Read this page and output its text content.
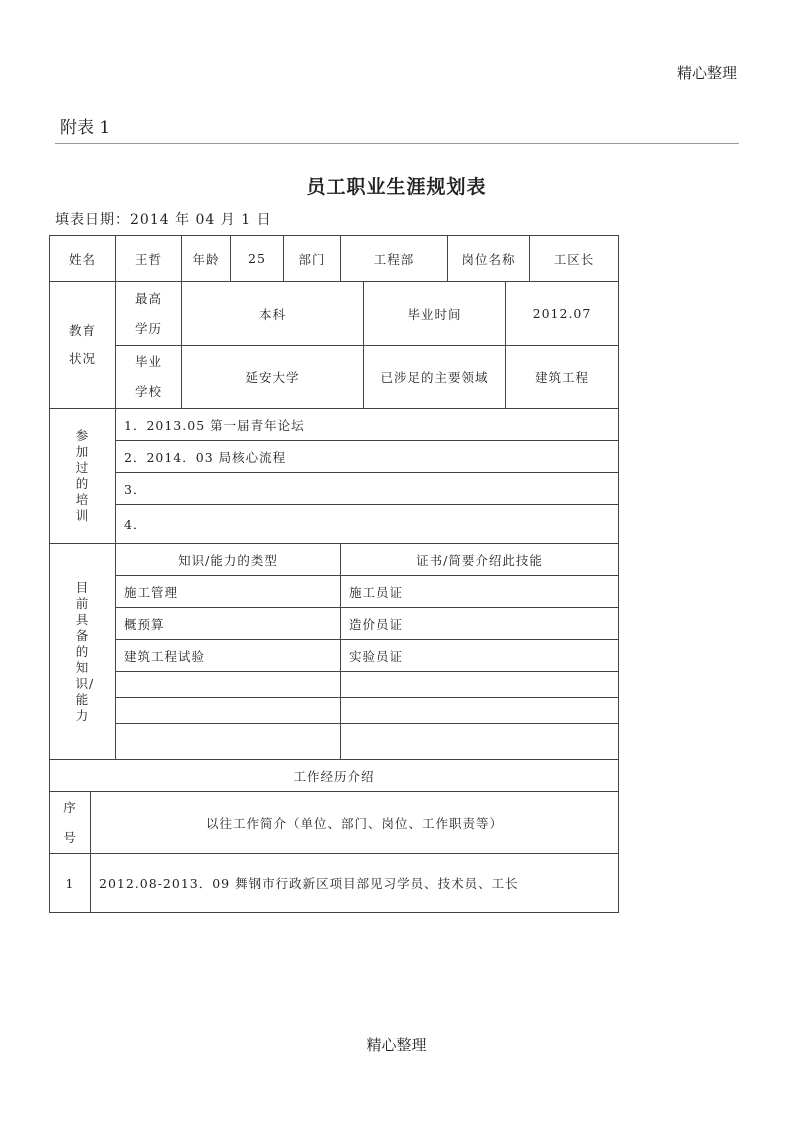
精心整理
附表 1
员工职业生涯规划表
填表日期：2014 年 04 月 1 日
姓名	王哲	年龄	25	部门	工程部	岗位名称	工区长
教育状况	最高学历	本科	毕业时间	2012.07
	毕业学校	延安大学	已涉足的主要领域	建筑工程
参加过的培训	1．2013.05 第一届青年论坛
2．2014．03 局核心流程
3．
4．
目前具备的知识/能力	知识/能力的类型	证书/简要介绍此技能
	施工管理	施工员证
	概预算	造价员证
	建筑工程试验	实验员证

工作经历介绍	
序号	以往工作简介（单位、部门、岗位、工作职责等）
1	2012.08-2013．09 舞钢市行政新区项目部见习学员、技术员、工长
精心整理
